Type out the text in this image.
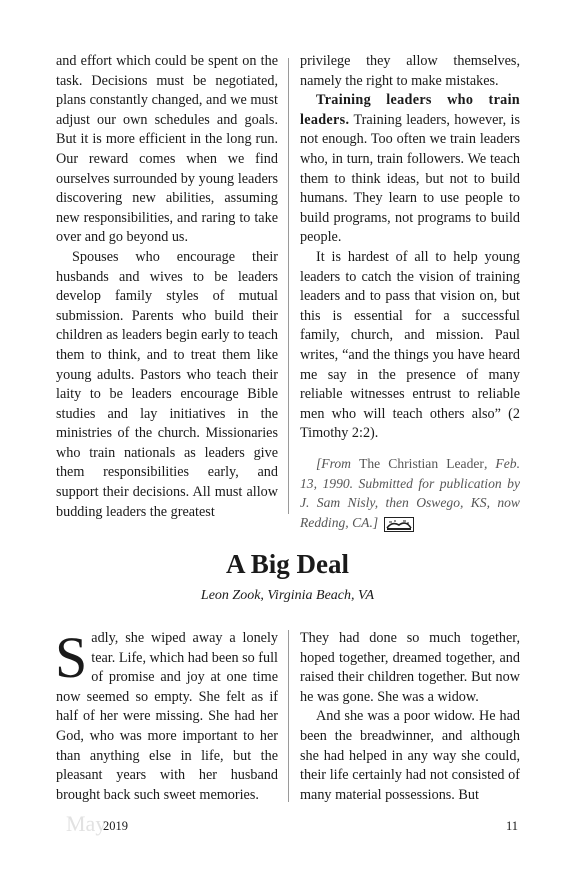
and effort which could be spent on the task. Decisions must be negotiated, plans constantly changed, and we must adjust our own schedules and goals. But it is more efficient in the long run. Our reward comes when we find ourselves surrounded by young leaders discovering new abilities, assuming new responsibilities, and raring to take over and go beyond us.

Spouses who encourage their husbands and wives to be leaders develop family styles of mutual submission. Parents who build their children as leaders begin early to teach them to think, and to treat them like young adults. Pastors who teach their laity to be leaders encourage Bible studies and lay initiatives in the ministries of the church. Missionaries who train nationals as leaders give them responsibilities early, and support their decisions. All must allow budding leaders the greatest

privilege they allow themselves, namely the right to make mistakes.

Training leaders who train leaders. Training leaders, however, is not enough. Too often we train leaders who, in turn, train followers. We teach them to think ideas, but not to build humans. They learn to use people to build programs, not programs to build people.

It is hardest of all to help young leaders to catch the vision of training leaders and to pass that vision on, but this is essential for a successful family, church, and mission. Paul writes, “and the things you have heard me say in the presence of many reliable witnesses entrust to reliable men who will teach others also” (2 Timothy 2:2).

[From The Christian Leader, Feb. 13, 1990. Submitted for publication by J. Sam Nisly, then Oswego, KS, now Redding, CA.]

A Big Deal
Leon Zook, Virginia Beach, VA

Sadly, she wiped away a lonely tear. Life, which had been so full of promise and joy at one time now seemed so empty. She felt as if half of her were missing. She had her God, who was more important to her than anything else in life, but the pleasant years with her husband brought back such sweet memories.

They had done so much together, hoped together, dreamed together, and raised their children together. But now he was gone. She was a widow.

And she was a poor widow. He had been the breadwinner, and although she had helped in any way she could, their life certainly had not consisted of many material possessions. But

May
2019	11
